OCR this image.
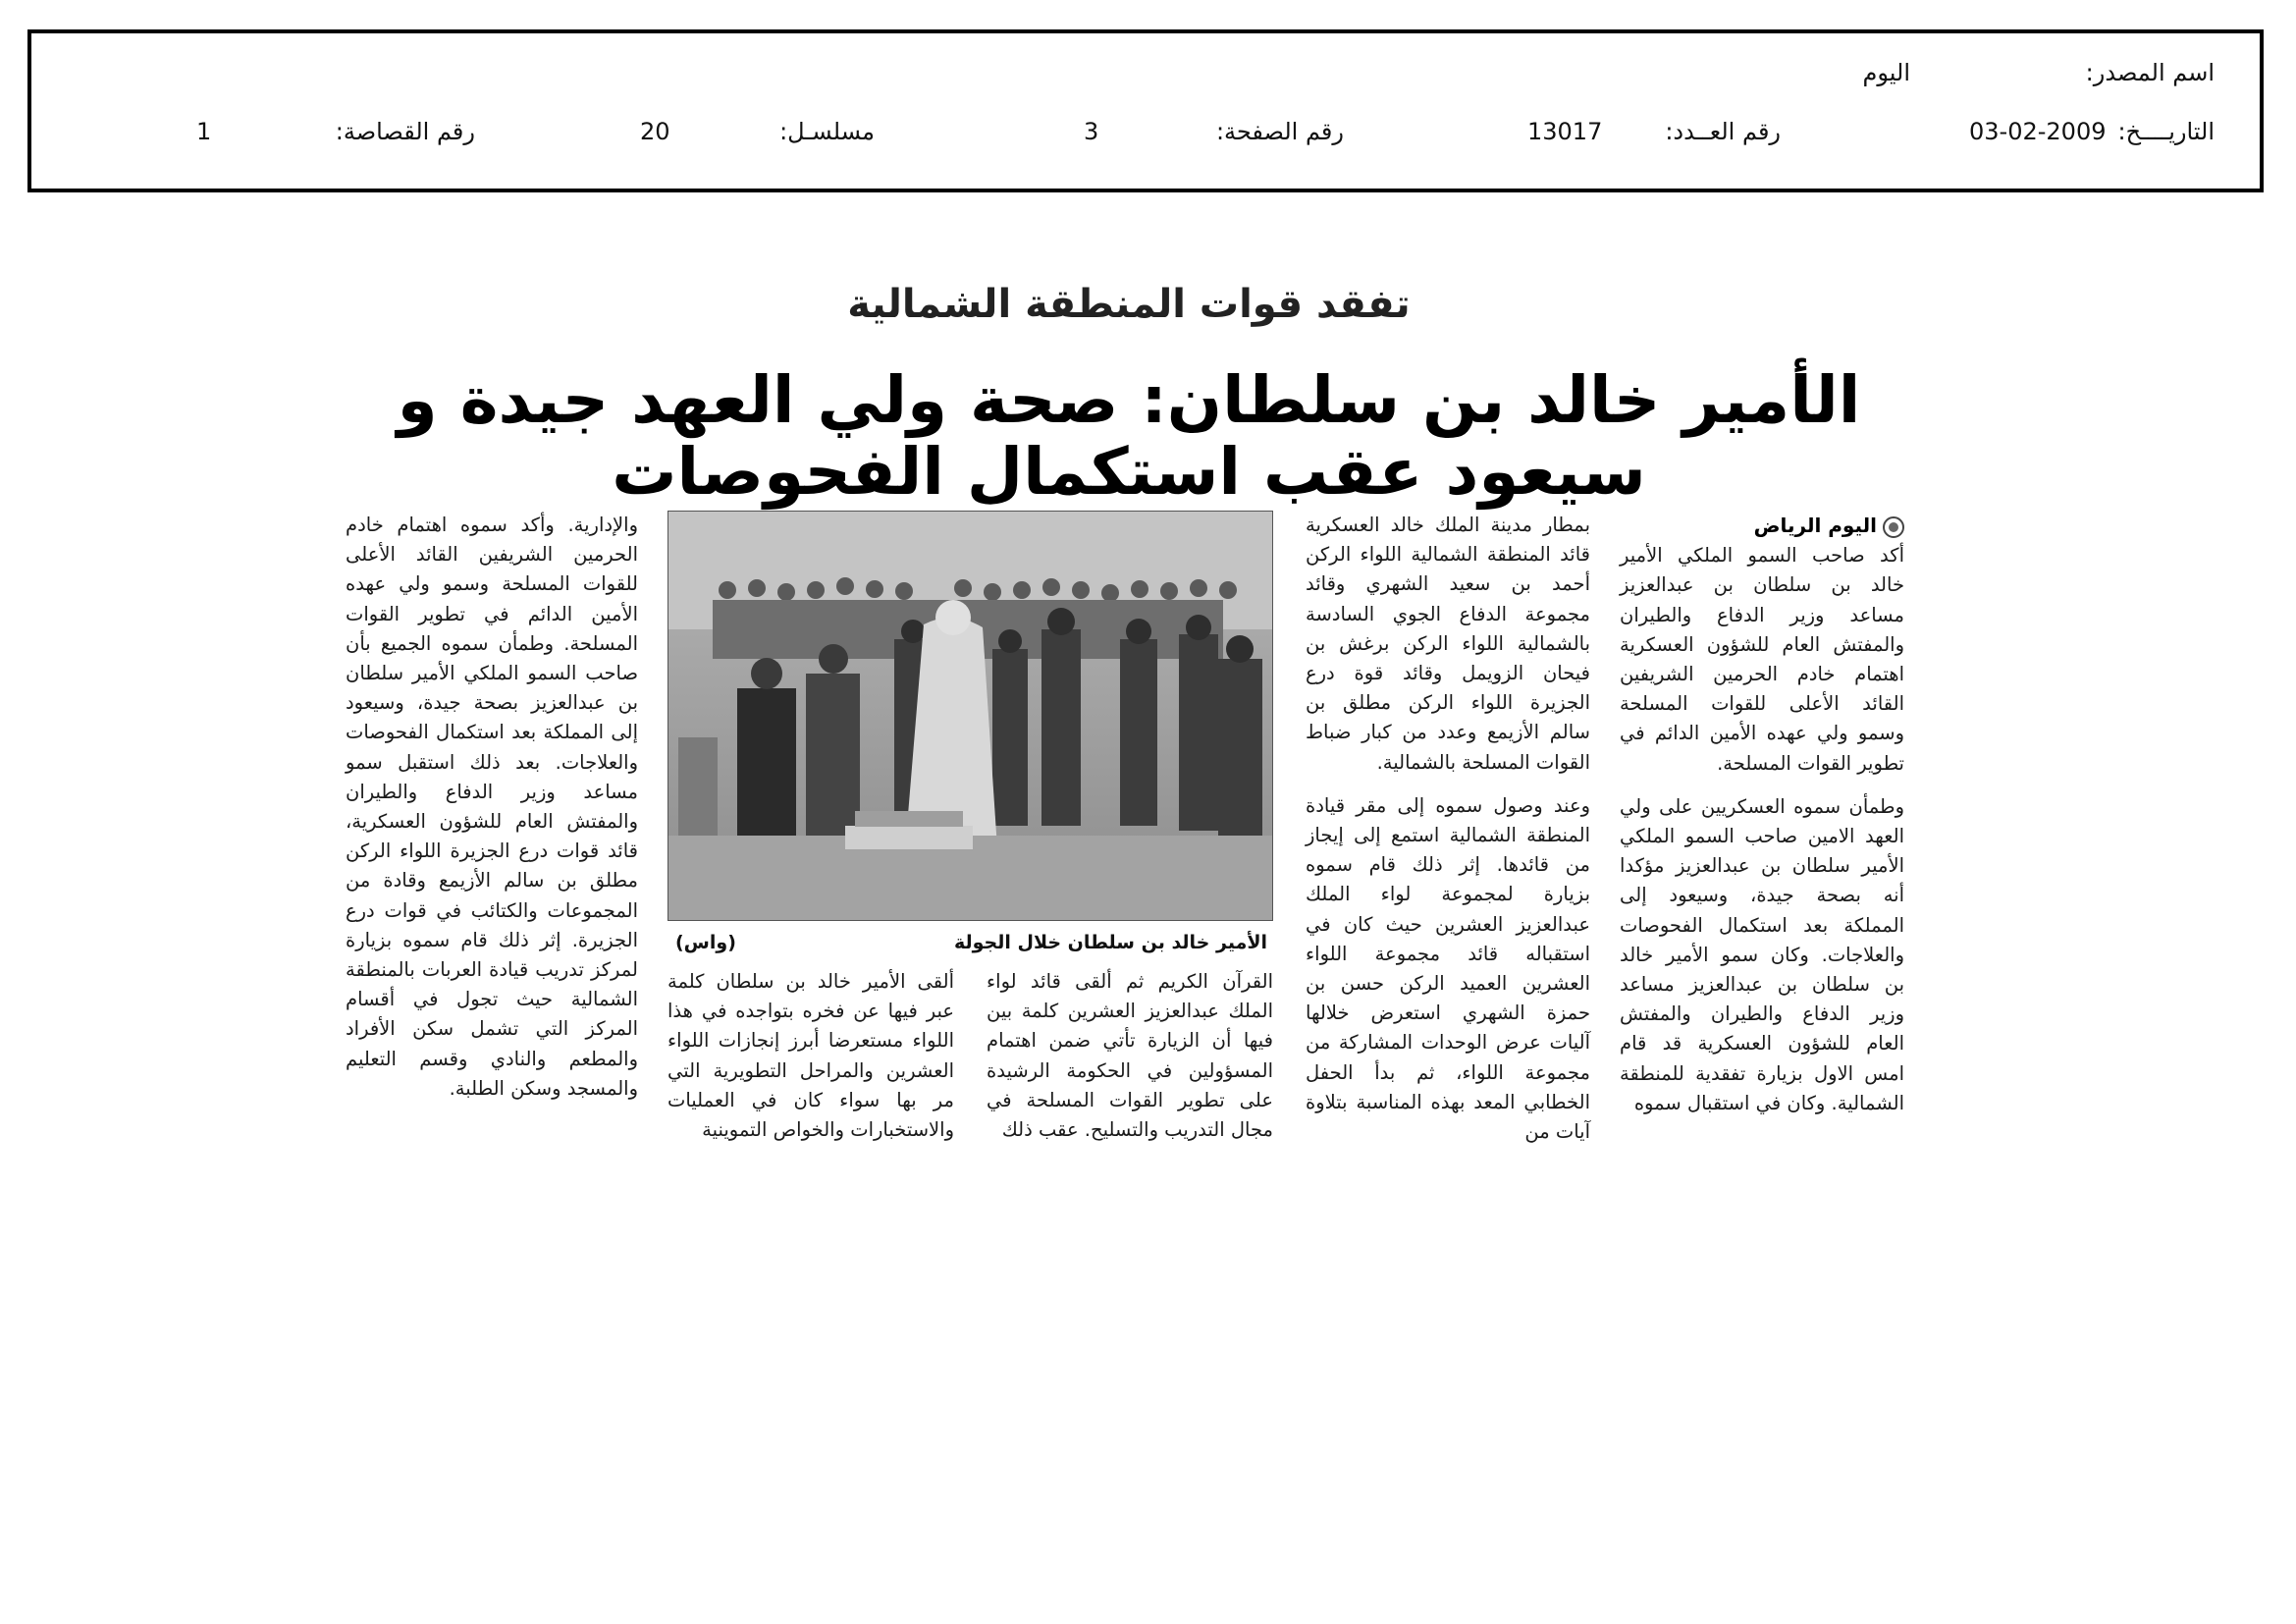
اسم المصدر:
اليوم
التاريــــخ:
03-02-2009
رقم العــدد:
13017
رقم الصفحة:
3
مسلسـل:
20
رقم القصاصة:
1
تفقد قوات المنطقة الشمالية
الأمير خالد بن سلطان: صحة ولي العهد جيدة و سيعود عقب استكمال الفحوصات

اليوم الرياض

أكد صاحب السمو الملكي الأمير خالد بن سلطان بن عبدالعزيز مساعد وزير الدفاع والطيران والمفتش العام للشؤون العسكرية اهتمام خادم الحرمين الشريفين القائد الأعلى للقوات المسلحة وسمو ولي عهده الأمين الدائم في تطوير القوات المسلحة.

وطمأن سموه العسكريين على ولي العهد الامين صاحب السمو الملكي الأمير سلطان بن عبدالعزيز مؤكدا أنه بصحة جيدة، وسيعود إلى المملكة بعد استكمال الفحوصات والعلاجات. وكان سمو الأمير خالد بن سلطان بن عبدالعزيز مساعد وزير الدفاع والطيران والمفتش العام للشؤون العسكرية قد قام امس الاول بزيارة تفقدية للمنطقة الشمالية. وكان في استقبال سموه

بمطار مدينة الملك خالد العسكرية قائد المنطقة الشمالية اللواء الركن أحمد بن سعيد الشهري وقائد مجموعة الدفاع الجوي السادسة بالشمالية اللواء الركن برغش بن فيحان الزويمل وقائد قوة درع الجزيرة اللواء الركن مطلق بن سالم الأزيمع وعدد من كبار ضباط القوات المسلحة بالشمالية.

وعند وصول سموه إلى مقر قيادة المنطقة الشمالية استمع إلى إيجاز من قائدها. إثر ذلك قام سموه بزيارة لمجموعة لواء الملك عبدالعزيز العشرين حيث كان في استقباله قائد مجموعة اللواء العشرين العميد الركن حسن بن حمزة الشهري استعرض خلالها آليات عرض الوحدات المشاركة من مجموعة اللواء، ثم بدأ الحفل الخطابي المعد بهذه المناسبة بتلاوة آيات من

الأمير خالد بن سلطان خلال الجولة
(واس)

القرآن الكريم ثم ألقى قائد لواء الملك عبدالعزيز العشرين كلمة بين فيها أن الزيارة تأتي ضمن اهتمام المسؤولين في الحكومة الرشيدة على تطوير القوات المسلحة في مجال التدريب والتسليح. عقب ذلك

ألقى الأمير خالد بن سلطان كلمة عبر فيها عن فخره بتواجده في هذا اللواء مستعرضا أبرز إنجازات اللواء العشرين والمراحل التطويرية التي مر بها سواء كان في العمليات والاستخبارات والخواص التموينية

والإدارية. وأكد سموه اهتمام خادم الحرمين الشريفين القائد الأعلى للقوات المسلحة وسمو ولي عهده الأمين الدائم في تطوير القوات المسلحة. وطمأن سموه الجميع بأن صاحب السمو الملكي الأمير سلطان بن عبدالعزيز بصحة جيدة، وسيعود إلى المملكة بعد استكمال الفحوصات والعلاجات. بعد ذلك استقبل سمو مساعد وزير الدفاع والطيران والمفتش العام للشؤون العسكرية، قائد قوات درع الجزيرة اللواء الركن مطلق بن سالم الأزيمع وقادة من المجموعات والكتائب في قوات درع الجزيرة. إثر ذلك قام سموه بزيارة لمركز تدريب قيادة العربات بالمنطقة الشمالية حيث تجول في أقسام المركز التي تشمل سكن الأفراد والمطعم والنادي وقسم التعليم والمسجد وسكن الطلبة.
